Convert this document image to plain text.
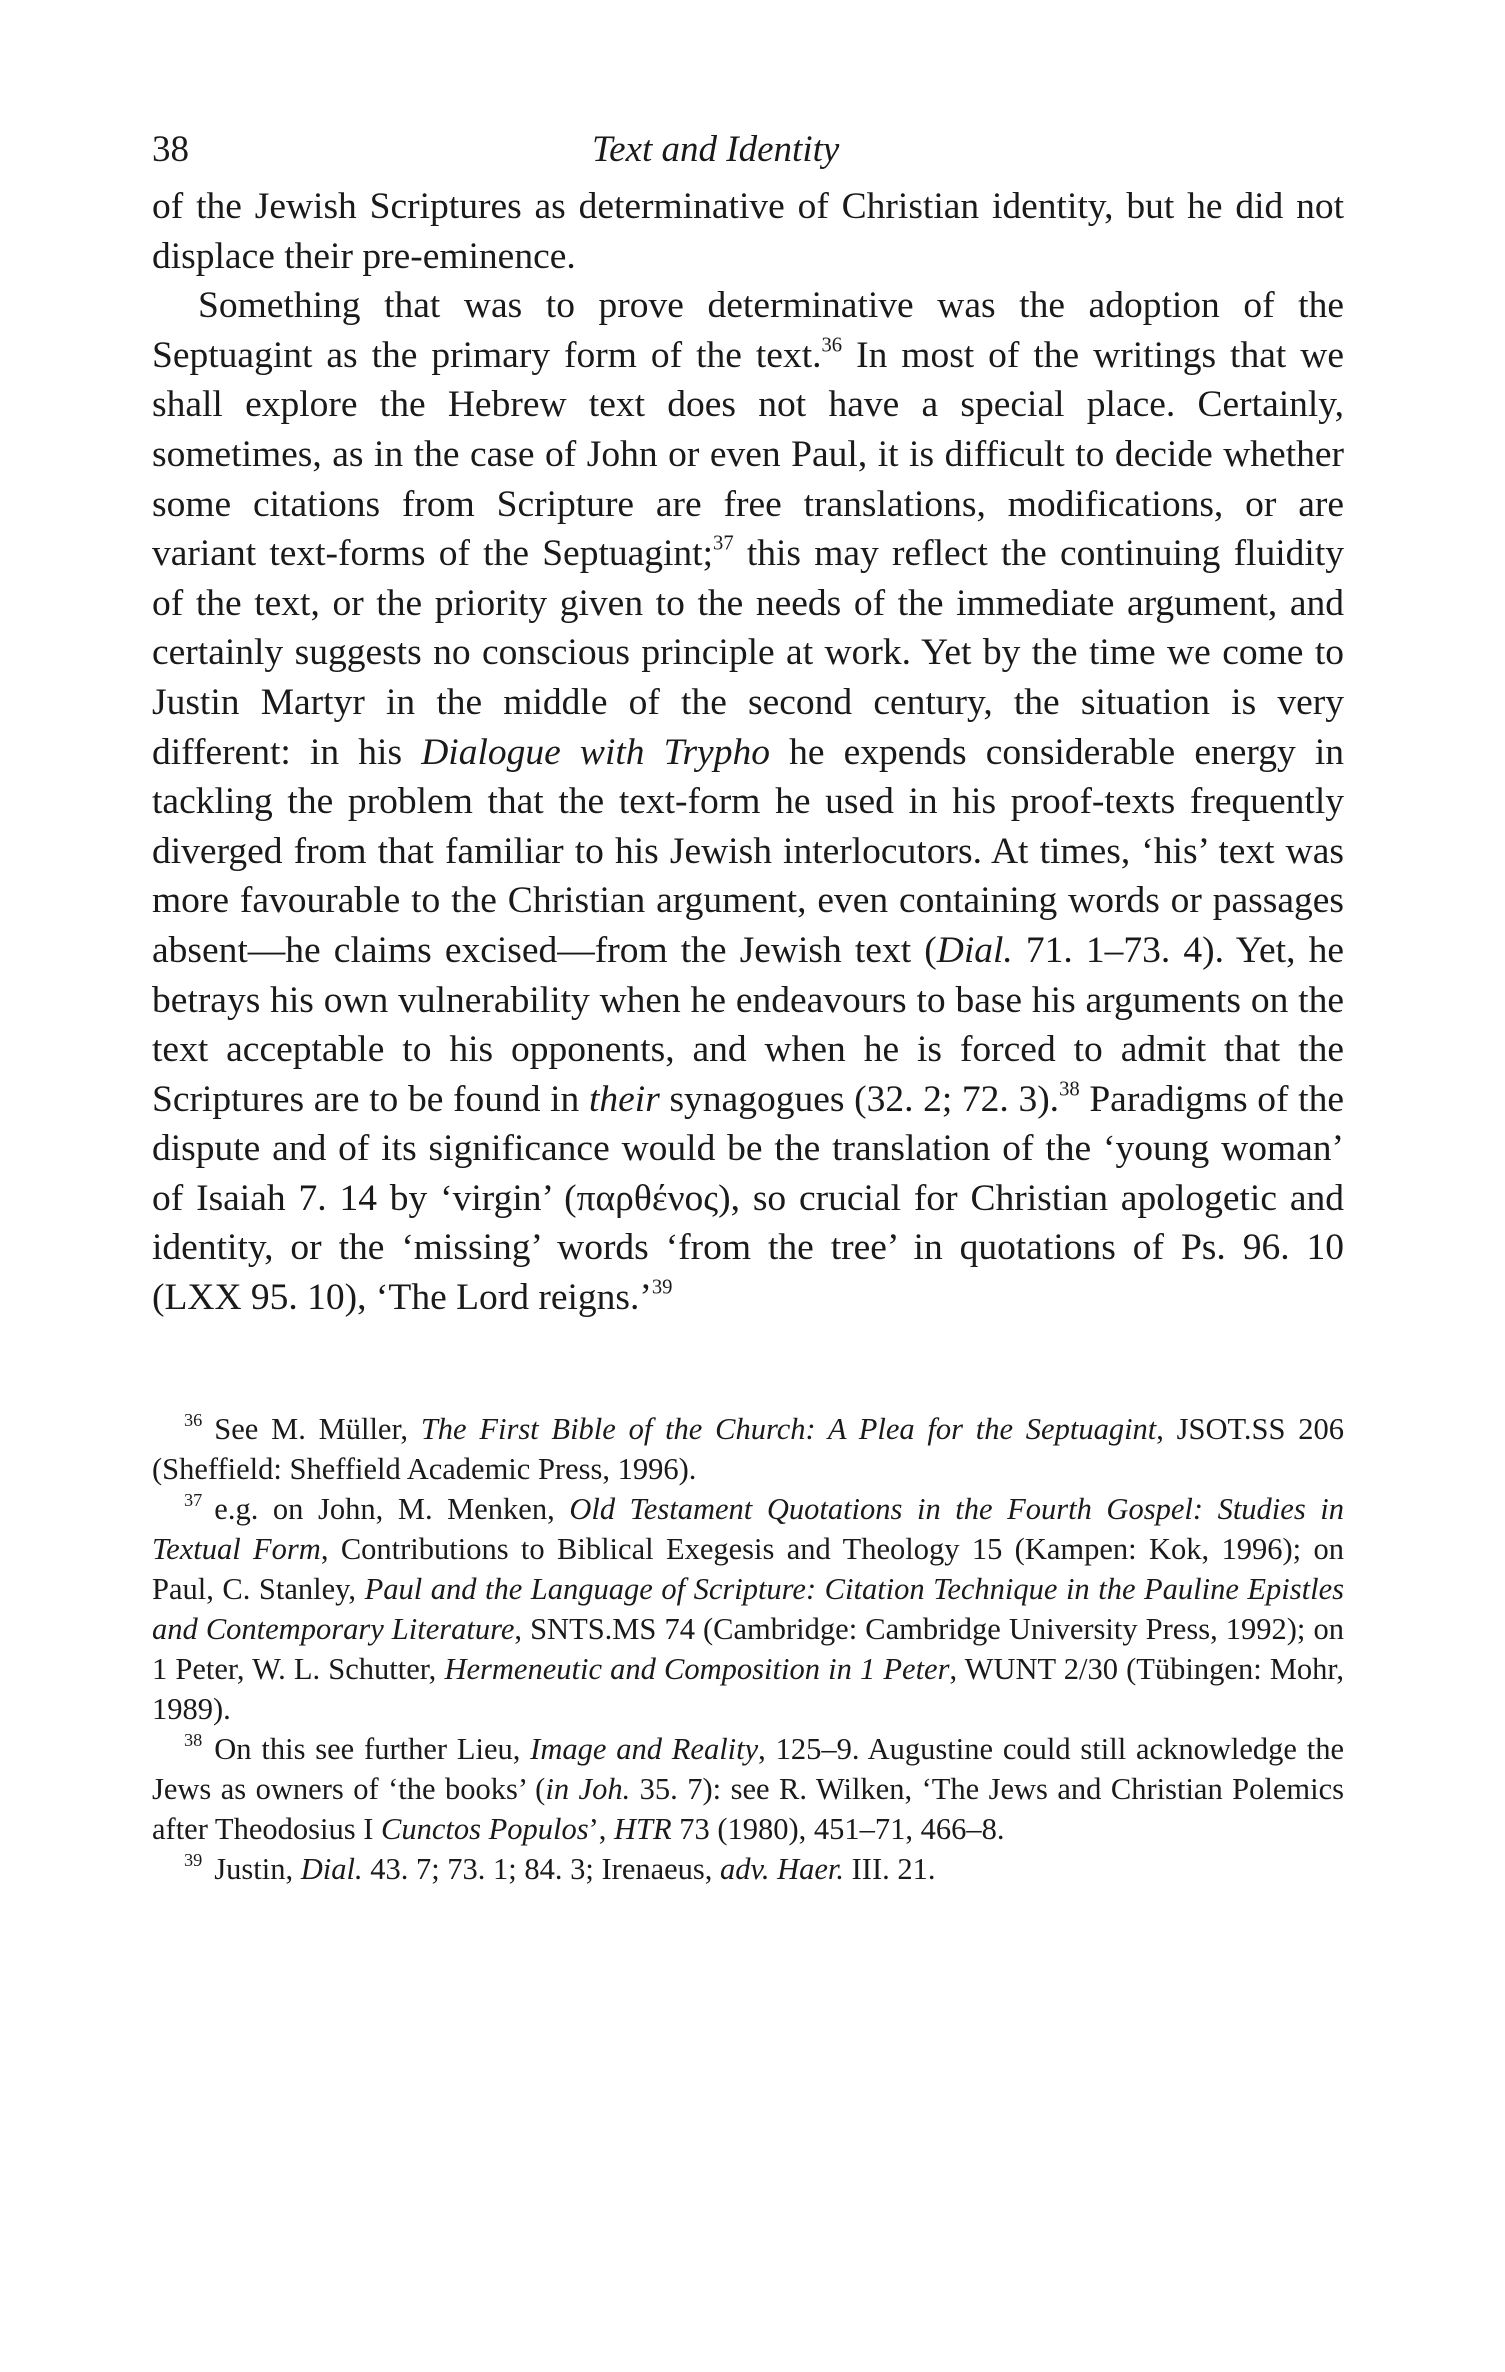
38	Text and Identity

of the Jewish Scriptures as determinative of Christian identity, but he did not displace their pre-eminence.

Something that was to prove determinative was the adoption of the Septuagint as the primary form of the text.$^{36}$ In most of the writings that we shall explore the Hebrew text does not have a special place. Certainly, sometimes, as in the case of John or even Paul, it is difficult to decide whether some citations from Scripture are free translations, modifications, or are variant text-forms of the Septuagint;$^{37}$ this may reflect the continuing fluidity of the text, or the priority given to the needs of the immediate argument, and certainly suggests no conscious principle at work. Yet by the time we come to Justin Martyr in the middle of the second century, the situation is very different: in his Dialogue with Trypho he expends considerable energy in tackling the problem that the text-form he used in his proof-texts frequently diverged from that familiar to his Jewish interlocutors. At times, ‘his’ text was more favourable to the Christian argument, even containing words or passages absent—he claims excised—from the Jewish text (Dial. 71. 1–73. 4). Yet, he betrays his own vulnerability when he endeavours to base his arguments on the text acceptable to his opponents, and when he is forced to admit that the Scriptures are to be found in their synagogues (32. 2; 72. 3).$^{38}$ Paradigms of the dispute and of its significance would be the translation of the ‘young woman’ of Isaiah 7. 14 by ‘virgin’ (παρθένος), so crucial for Christian apologetic and identity, or the ‘missing’ words ‘from the tree’ in quotations of Ps. 96. 10 (LXX 95. 10), ‘The Lord reigns.’$^{39}$

$^{36}$ See M. Müller, The First Bible of the Church: A Plea for the Septuagint, JSOT.SS 206 (Sheffield: Sheffield Academic Press, 1996).

$^{37}$ e.g. on John, M. Menken, Old Testament Quotations in the Fourth Gospel: Studies in Textual Form, Contributions to Biblical Exegesis and Theology 15 (Kampen: Kok, 1996); on Paul, C. Stanley, Paul and the Language of Scripture: Citation Technique in the Pauline Epistles and Contemporary Literature, SNTS.MS 74 (Cambridge: Cambridge University Press, 1992); on 1 Peter, W. L. Schutter, Hermeneutic and Composition in 1 Peter, WUNT 2/30 (Tübingen: Mohr, 1989).

$^{38}$ On this see further Lieu, Image and Reality, 125–9. Augustine could still acknowledge the Jews as owners of ‘the books’ (in Joh. 35. 7): see R. Wilken, ‘The Jews and Christian Polemics after Theodosius I Cunctos Populos’, HTR 73 (1980), 451–71, 466–8.

$^{39}$ Justin, Dial. 43. 7; 73. 1; 84. 3; Irenaeus, adv. Haer. III. 21.
